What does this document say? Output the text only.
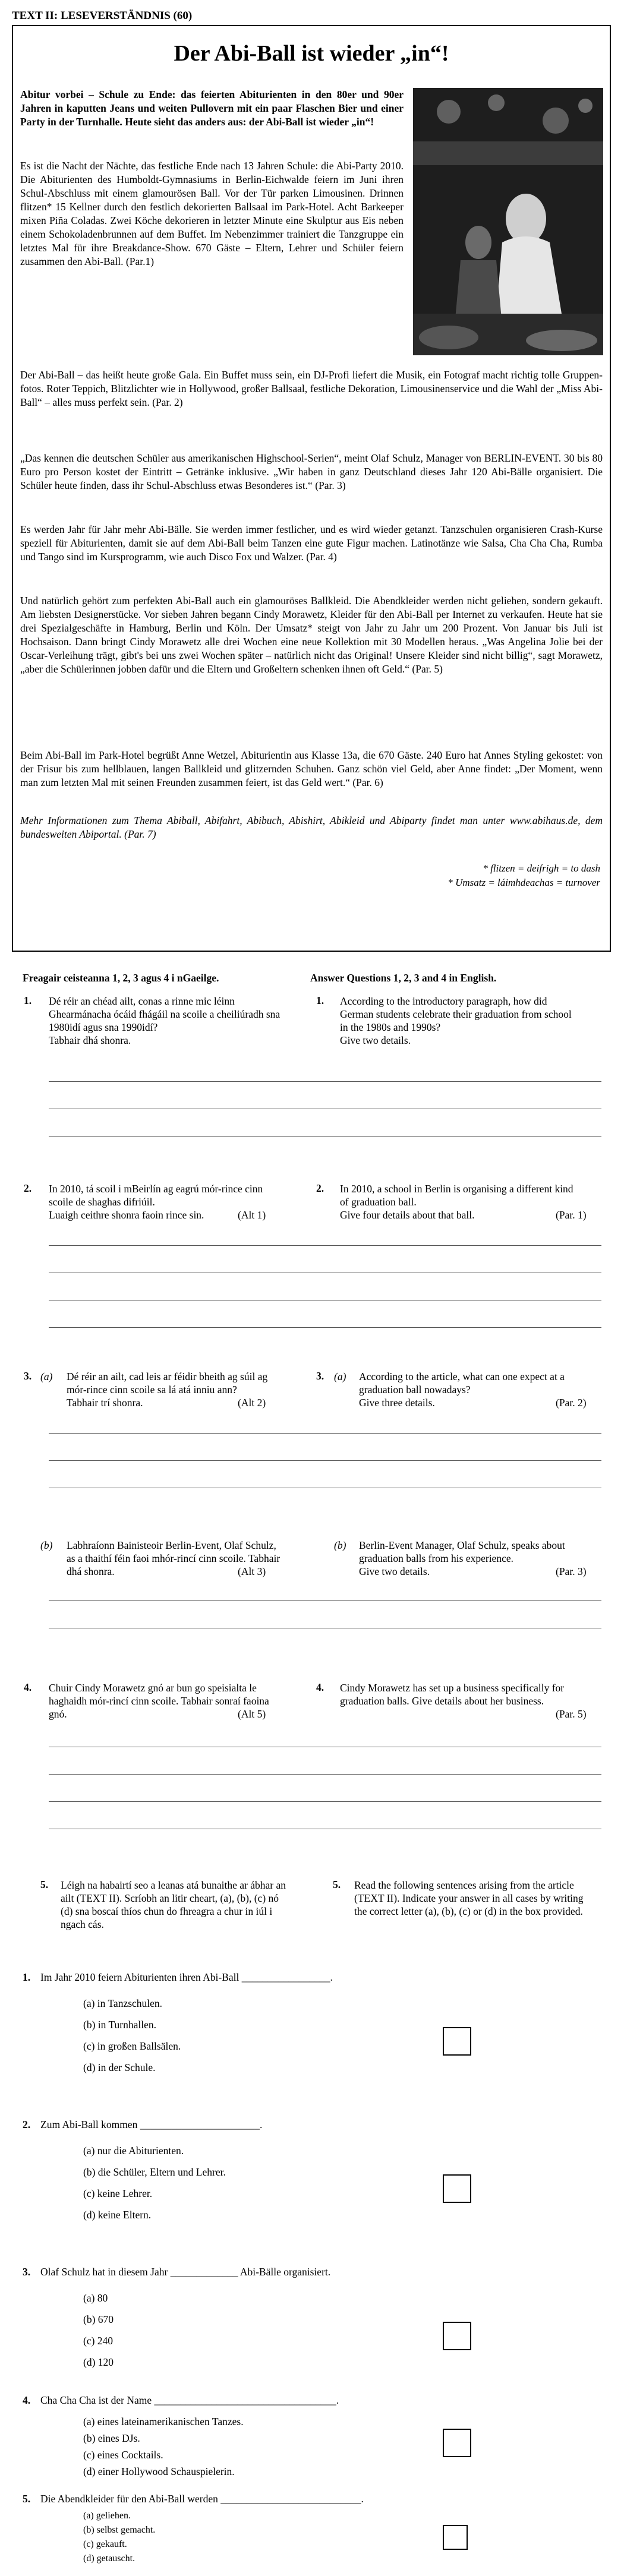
TEXT II: LESEVERSTÄNDNIS (60)
Der Abi-Ball ist wieder „in“!
Abitur vorbei – Schule zu Ende: das feierten Abiturienten in den 80er und 90er Jahren in kaputten Jeans und weiten Pullovern mit ein paar Flaschen Bier und einer Party in der Turnhalle. Heute sieht das anders aus: der Abi-Ball ist wieder „in“!
Es ist die Nacht der Nächte, das festliche Ende nach 13 Jahren Schule: die Abi-Party 2010. Die Abiturienten des Humboldt-Gymnasiums in Berlin-Eichwalde feiern im Juni ihren Schul-Abschluss mit einem glamourösen Ball. Vor der Tür parken Limousinen. Drinnen flitzen* 15 Kellner durch den festlich dekorierten Ballsaal im Park-Hotel. Acht Barkeeper mixen Piña Coladas. Zwei Köche dekorieren in letzter Minute eine Skulptur aus Eis neben einem Schokoladenbrunnen auf dem Buffet. Im Nebenzimmer trainiert die Tanzgruppe ein letztes Mal für ihre Breakdance-Show. 670 Gäste – Eltern, Lehrer und Schüler feiern zusammen den Abi-Ball. (Par.1)
Der Abi-Ball – das heißt heute große Gala. Ein Buffet muss sein, ein DJ-Profi liefert die Musik, ein Fotograf macht richtig tolle Gruppen-fotos. Roter Teppich, Blitzlichter wie in Hollywood, großer Ballsaal, festliche Dekoration, Limousinenservice und die Wahl der „Miss Abi-Ball“ – alles muss perfekt sein. (Par. 2)
„Das kennen die deutschen Schüler aus amerikanischen Highschool-Serien“, meint Olaf Schulz, Manager von BERLIN-EVENT. 30 bis 80 Euro pro Person kostet der Eintritt – Getränke inklusive. „Wir haben in ganz Deutschland dieses Jahr 120 Abi-Bälle organisiert. Die Schüler heute finden, dass ihr Schul-Abschluss etwas Besonderes ist.“ (Par. 3)
Es werden Jahr für Jahr mehr Abi-Bälle. Sie werden immer festlicher, und es wird wieder getanzt. Tanzschulen organisieren Crash-Kurse speziell für Abiturienten, damit sie auf dem Abi-Ball beim Tanzen eine gute Figur machen. Latinotänze wie Salsa, Cha Cha Cha, Rumba und Tango sind im Kursprogramm, wie auch Disco Fox und Walzer. (Par. 4)
Und natürlich gehört zum perfekten Abi-Ball auch ein glamouröses Ballkleid. Die Abendkleider werden nicht geliehen, sondern gekauft. Am liebsten Designerstücke. Vor sieben Jahren begann Cindy Morawetz, Kleider für den Abi-Ball per Internet zu verkaufen. Heute hat sie drei Spezialgeschäfte in Hamburg, Berlin und Köln. Der Umsatz* steigt von Jahr zu Jahr um 200 Prozent. Von Januar bis Juli ist Hochsaison. Dann bringt Cindy Morawetz alle drei Wochen eine neue Kollektion mit 30 Modellen heraus. „Was Angelina Jolie bei der Oscar-Verleihung trägt, gibt's bei uns zwei Wochen später – natürlich nicht das Original! Unsere Kleider sind nicht billig“, sagt Morawetz, „aber die Schülerinnen jobben dafür und die Eltern und Großeltern schenken ihnen oft Geld.“ (Par. 5)
Beim Abi-Ball im Park-Hotel begrüßt Anne Wetzel, Abiturientin aus Klasse 13a, die 670 Gäste. 240 Euro hat Annes Styling gekostet: von der Frisur bis zum hellblauen, langen Ballkleid und glitzernden Schuhen. Ganz schön viel Geld, aber Anne findet: „Der Moment, wenn man zum letzten Mal mit seinen Freunden zusammen feiert, ist das Geld wert.“ (Par. 6)
Mehr Informationen zum Thema Abiball, Abifahrt, Abibuch, Abishirt, Abikleid und Abiparty findet man unter www.abihaus.de, dem bundesweiten Abiportal. (Par. 7)
* flitzen = deifrigh = to dash
* Umsatz = láimhdeachas = turnover
Freagair ceisteanna 1, 2, 3 agus 4 i nGaeilge.	Answer Questions 1, 2, 3 and 4 in English.
1. Dé réir an chéad ailt, conas a rinne mic léinn Ghearmánacha ócáid fhágáil na scoile a cheiliúradh sna 1980idí agus sna 1990idí?
Tabhair dhá shonra.
1. According to the introductory paragraph, how did German students celebrate their graduation from school in the 1980s and 1990s?
Give two details.
2. In 2010, tá scoil i mBeirlín ag eagrú mór-rince cinn scoile de shaghas difriúil.
Luaigh ceithre shonra faoin rince sin.	(Alt 1)
2. In 2010, a school in Berlin is organising a different kind of graduation ball.
Give four details about that ball.	(Par. 1)
3. (a) Dé réir an ailt, cad leis ar féidir bheith ag súil ag mór-rince cinn scoile sa lá atá inniu ann?
Tabhair trí shonra.	(Alt 2)
3. (a) According to the article, what can one expect at a graduation ball nowadays?
Give three details.	(Par. 2)
(b) Labhraíonn Bainisteoir Berlin-Event, Olaf Schulz, as a thaithí féin faoi mhór-rincí cinn scoile. Tabhair dhá shonra.	(Alt 3)
(b) Berlin-Event Manager, Olaf Schulz, speaks about graduation balls from his experience.
Give two details.	(Par. 3)
4. Chuir Cindy Morawetz gnó ar bun go speisialta le haghaidh mór-rincí cinn scoile. Tabhair sonraí faoina gnó.	(Alt 5)
4. Cindy Morawetz has set up a business specifically for graduation balls. Give details about her business.
(Par. 5)
5. Léigh na habairtí seo a leanas atá bunaithe ar ábhar an ailt (TEXT II). Scríobh an litir cheart, (a), (b), (c) nó (d) sna boscaí thíos chun do fhreagra a chur in iúl i ngach cás.
5. Read the following sentences arising from the article (TEXT II). Indicate your answer in all cases by writing the correct letter (a), (b), (c) or (d) in the box provided.
1. Im Jahr 2010 feiern Abiturienten ihren Abi-Ball _________________.
(a) in Tanzschulen.
(b) in Turnhallen.
(c) in großen Ballsälen.
(d) in der Schule.
2. Zum Abi-Ball kommen _______________________.
(a) nur die Abiturienten.
(b) die Schüler, Eltern und Lehrer.
(c) keine Lehrer.
(d) keine Eltern.
3. Olaf Schulz hat in diesem Jahr _____________ Abi-Bälle organisiert.
(a) 80
(b) 670
(c) 240
(d) 120
4. Cha Cha Cha ist der Name ___________________________________.
(a) eines lateinamerikanischen Tanzes.
(b) eines DJs.
(c) eines Cocktails.
(d) einer Hollywood Schauspielerin.
5. Die Abendkleider für den Abi-Ball werden ___________________________.
(a) geliehen.
(b) selbst gemacht.
(c) gekauft.
(d) getauscht.
